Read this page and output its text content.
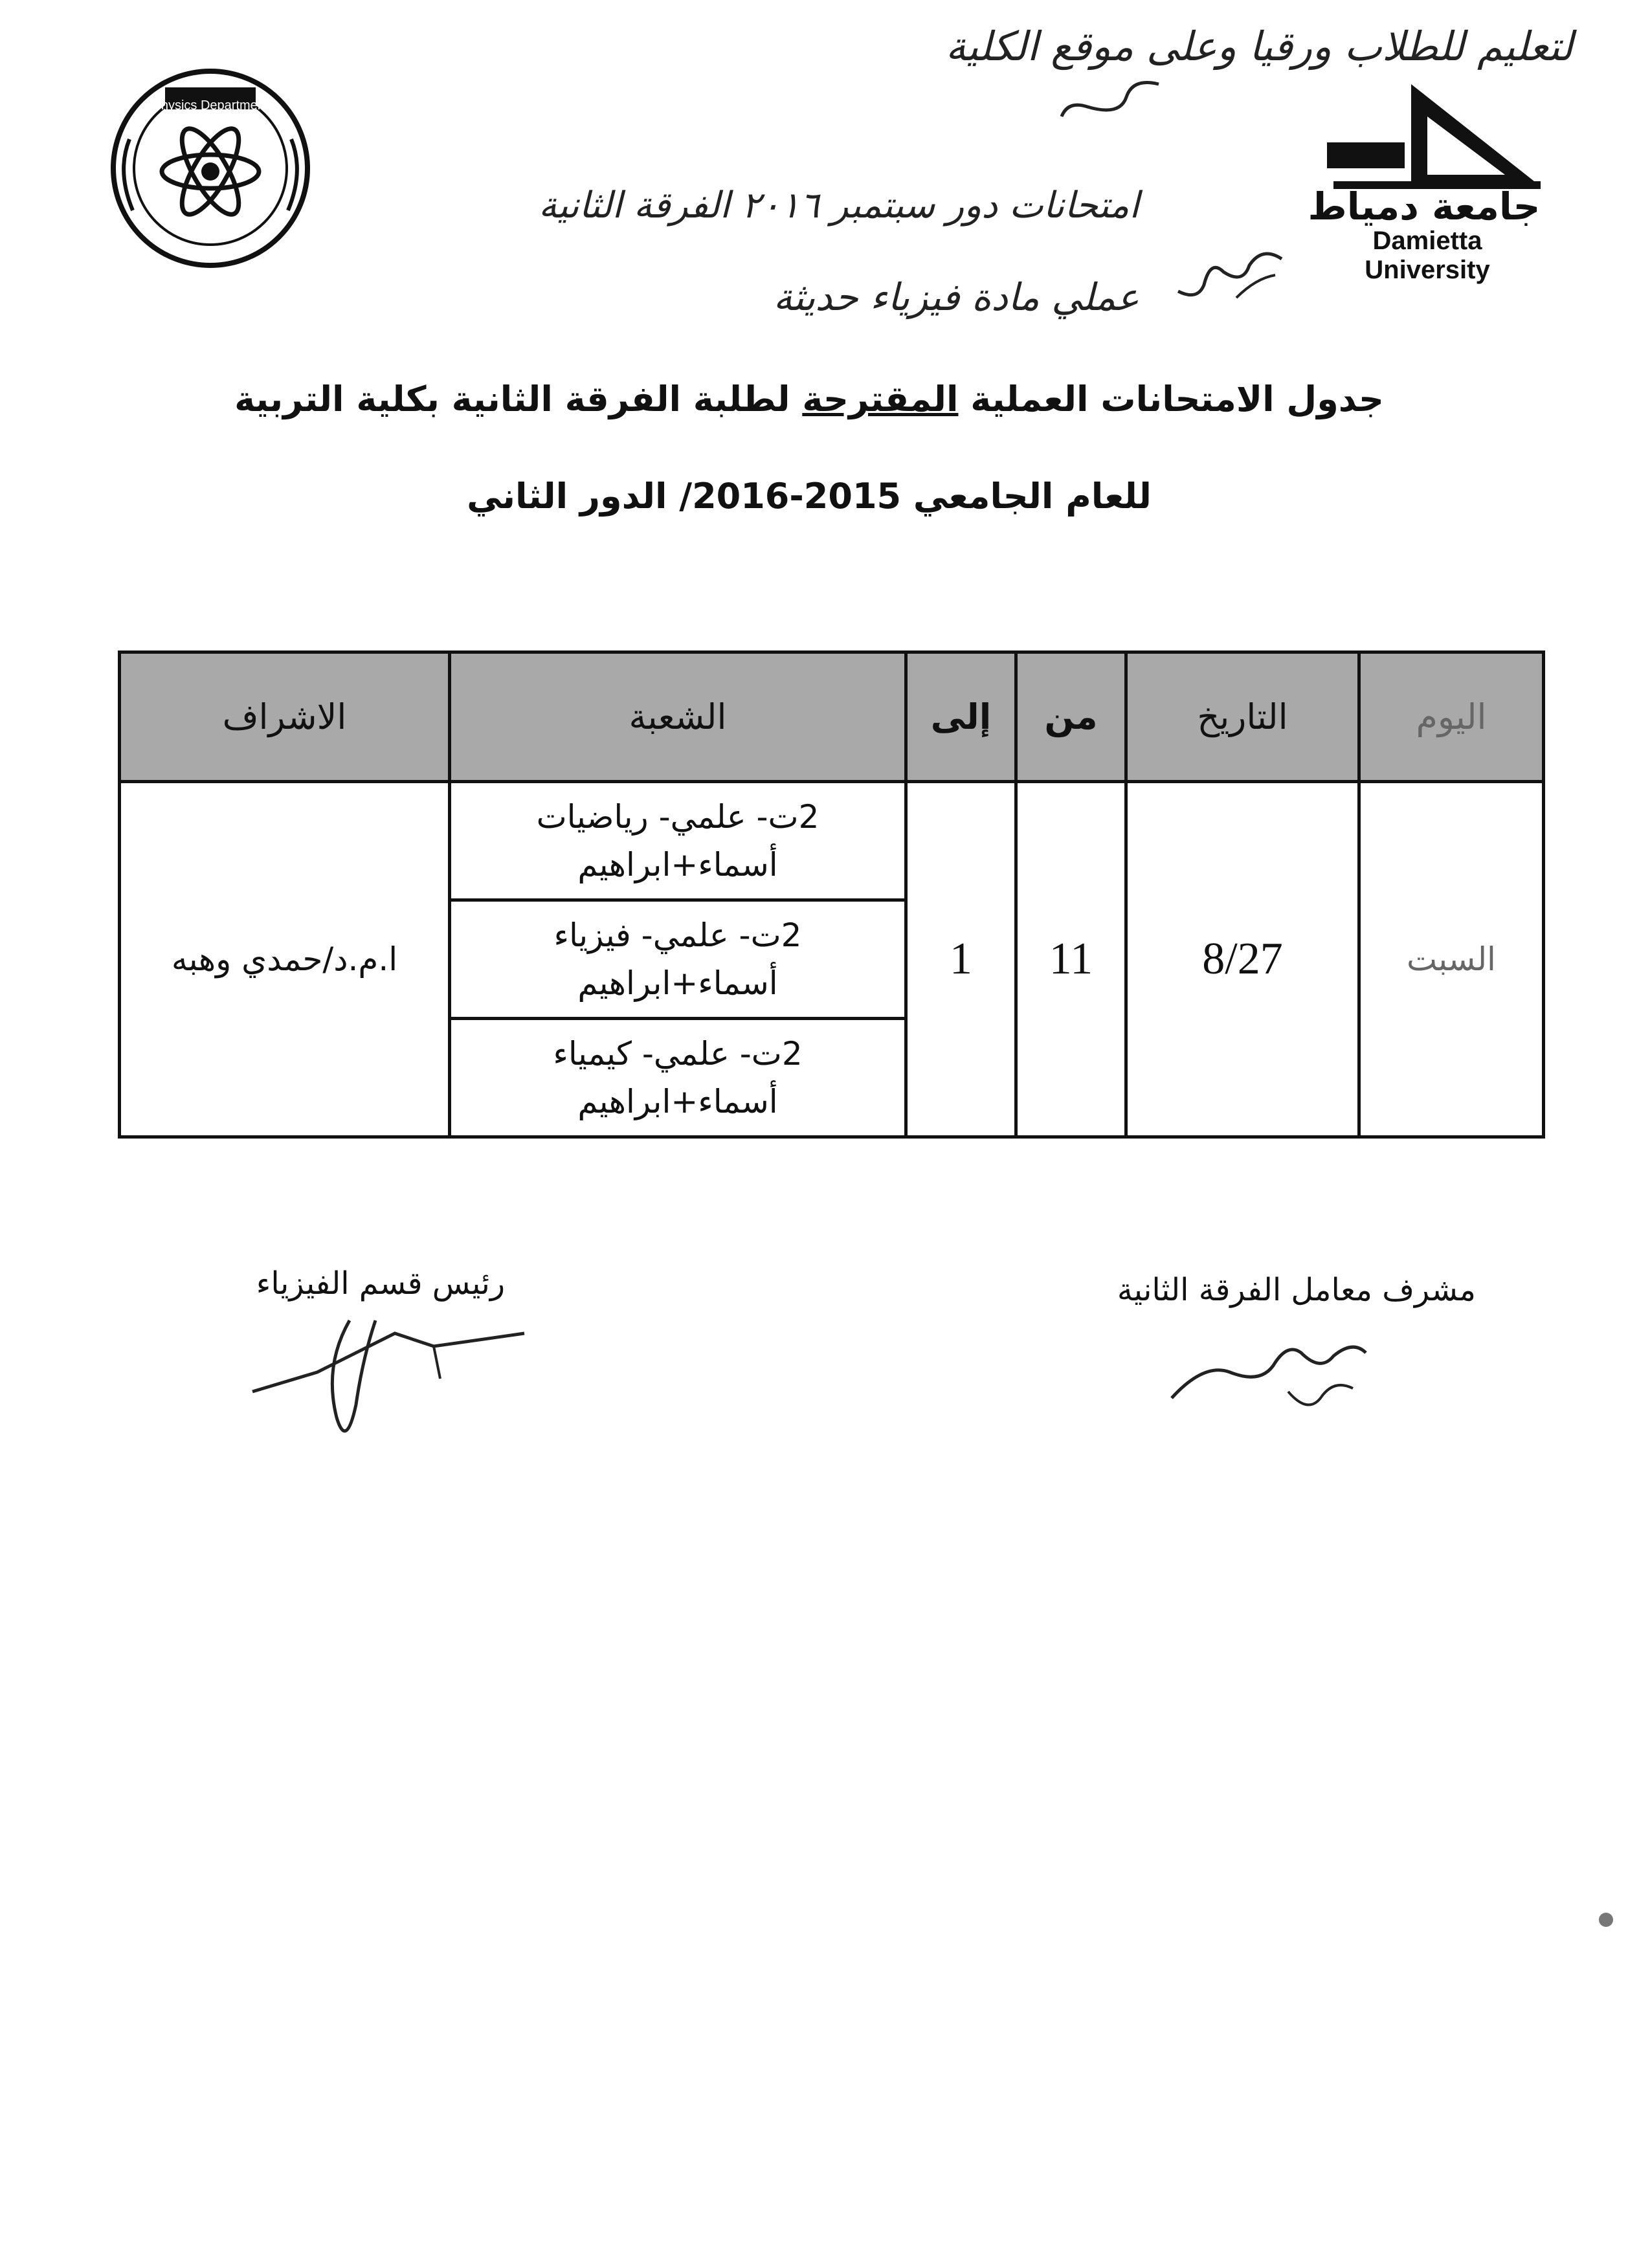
Physics Department
جامعة دمياط
Damietta University
لتعليم للطلاب ورقيا وعلى موقع الكلية
امتحانات دور سبتمبر ٢٠١٦ الفرقة الثانية
عملي مادة فيزياء حديثة
جدول الامتحانات العملية المقترحة لطلبة الفرقة الثانية بكلية التربية
للعام الجامعي 2015-2016/ الدور الثاني
اليوم	التاريخ	من	إلى	الشعبة	الاشراف
السبت	8/27	11	1	2ت- علمي- رياضيات
أسماء+ابراهيم	ا.م.د/حمدي وهبه

				2ت- علمي- فيزياء
أسماء+ابراهيم	

				2ت- علمي- كيمياء
أسماء+ابراهيم	
مشرف معامل الفرقة الثانية
رئيس قسم الفيزياء
